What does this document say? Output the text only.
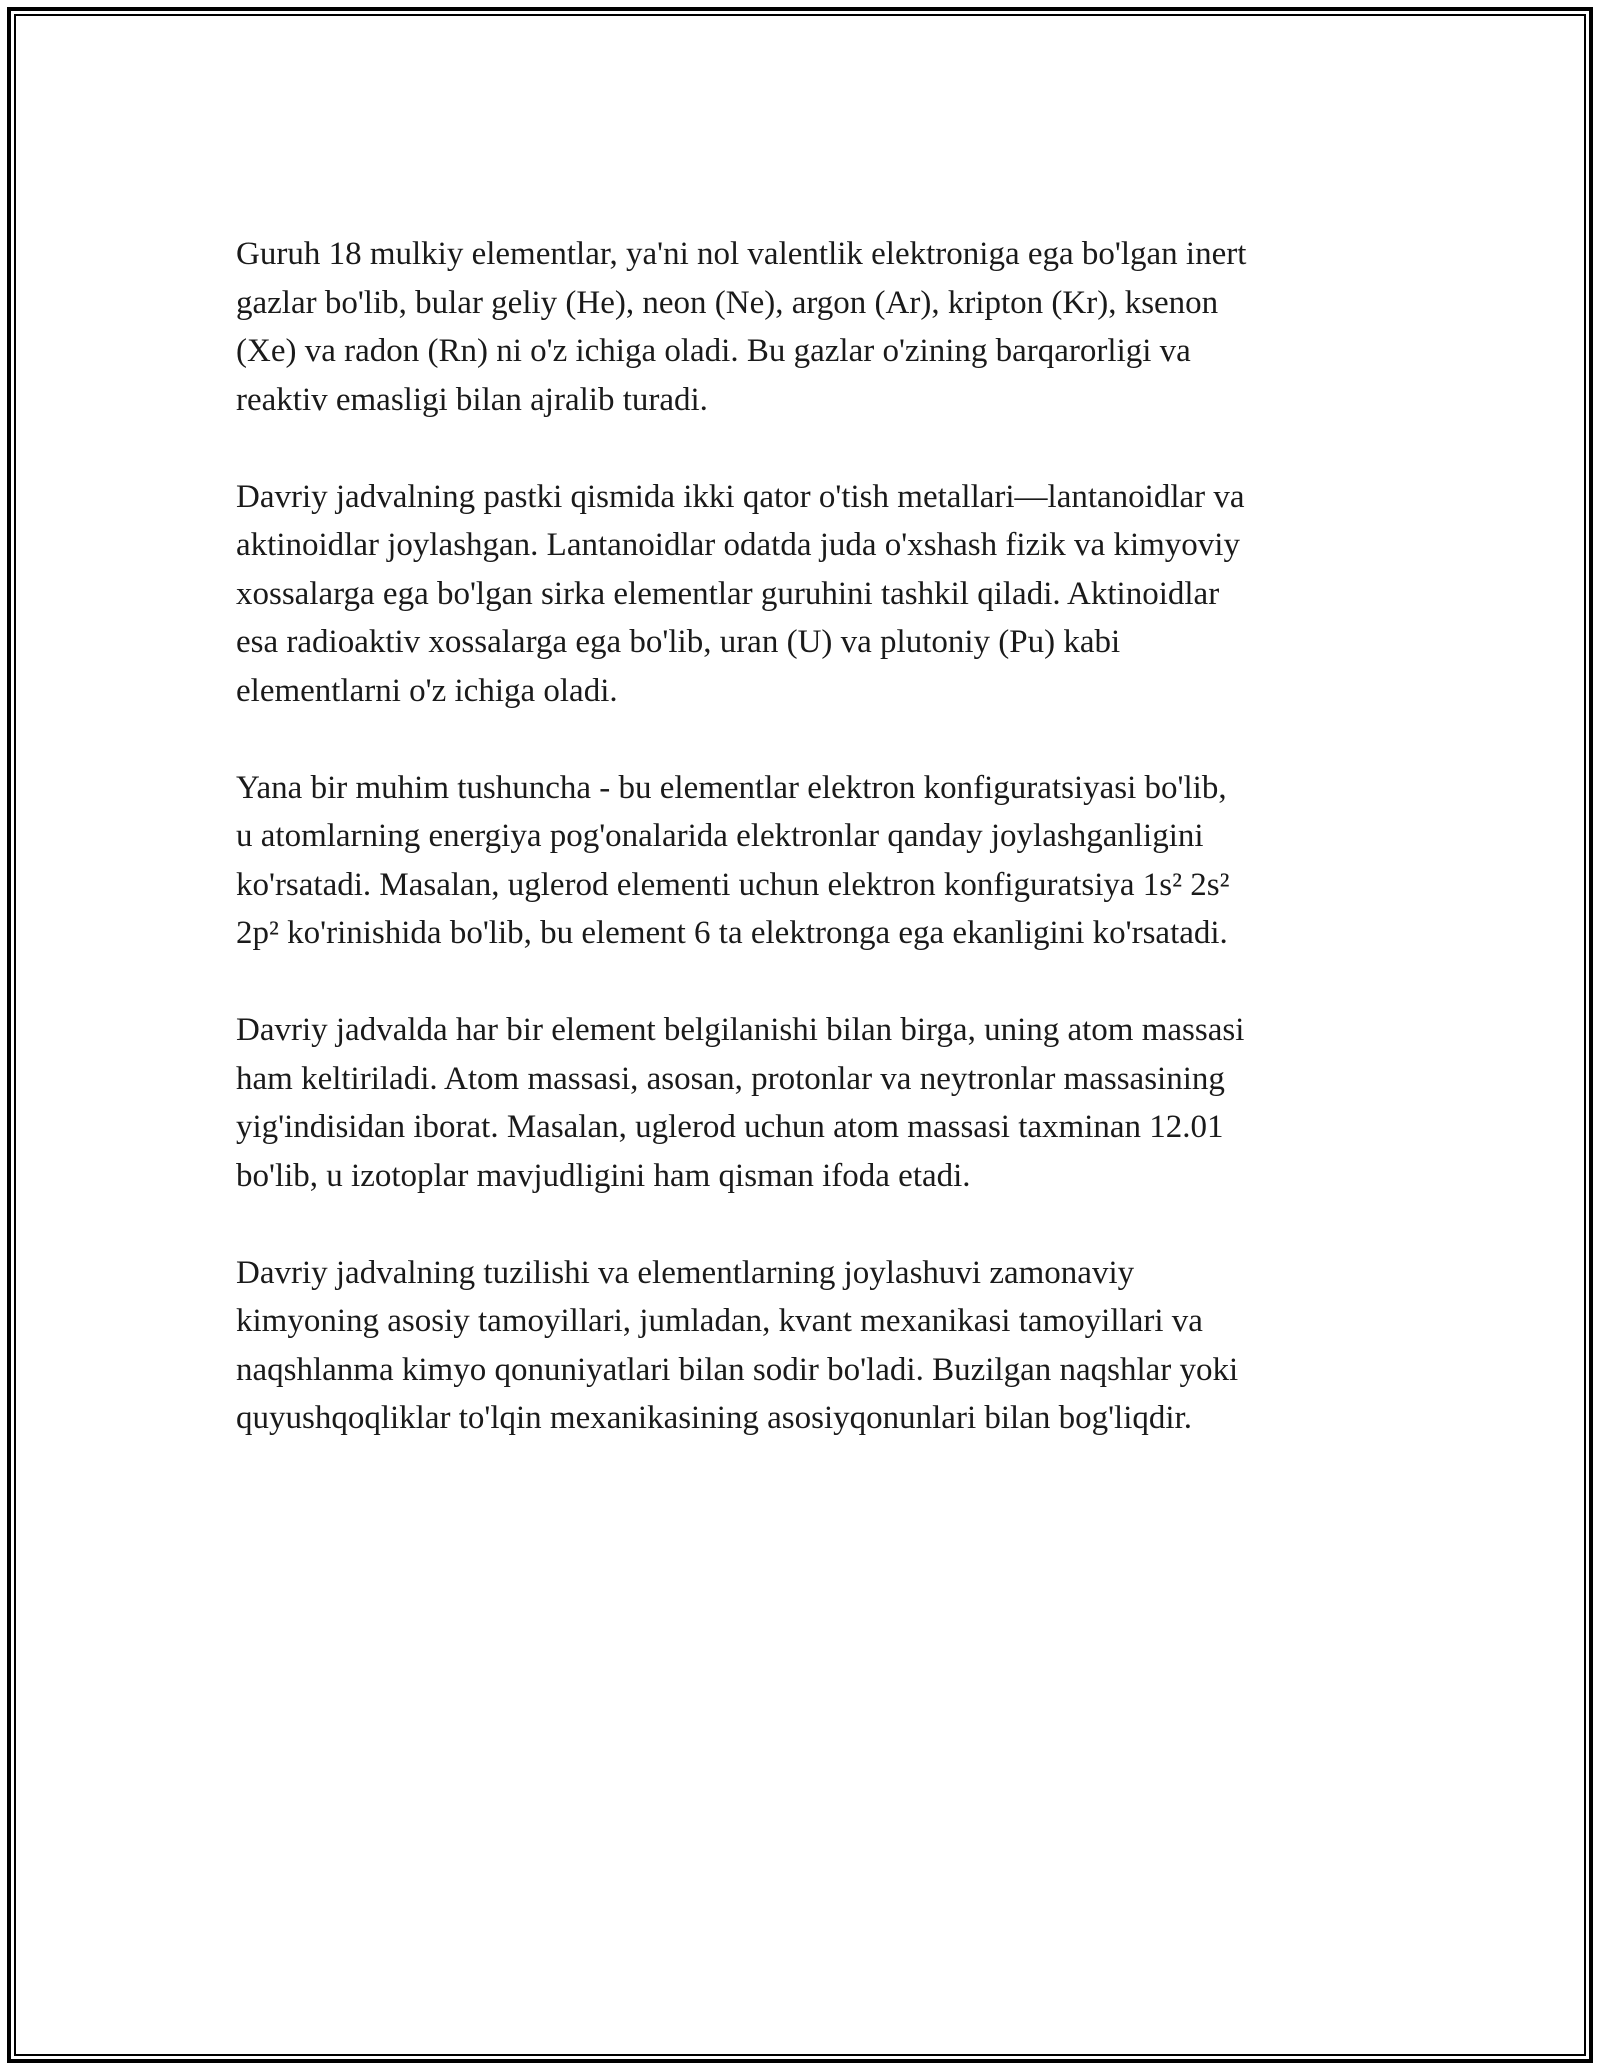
Guruh 18 mulkiy elementlar, ya'ni nol valentlik elektroniga ega bo'lgan inert
gazlar bo'lib, bular geliy (He), neon (Ne), argon (Ar), kripton (Kr), ksenon
(Xe) va radon (Rn) ni o'z ichiga oladi. Bu gazlar o'zining barqarorligi va
reaktiv emasligi bilan ajralib turadi.

Davriy jadvalning pastki qismida ikki qator o'tish metallari—lantanoidlar va
aktinoidlar joylashgan. Lantanoidlar odatda juda o'xshash fizik va kimyoviy
xossalarga ega bo'lgan sirka elementlar guruhini tashkil qiladi. Aktinoidlar
esa radioaktiv xossalarga ega bo'lib, uran (U) va plutoniy (Pu) kabi
elementlarni o'z ichiga oladi.

Yana bir muhim tushuncha - bu elementlar elektron konfiguratsiyasi bo'lib,
u atomlarning energiya pog'onalarida elektronlar qanday joylashganligini
ko'rsatadi. Masalan, uglerod elementi uchun elektron konfiguratsiya 1s² 2s²
2p² ko'rinishida bo'lib, bu element 6 ta elektronga ega ekanligini ko'rsatadi.

Davriy jadvalda har bir element belgilanishi bilan birga, uning atom massasi
ham keltiriladi. Atom massasi, asosan, protonlar va neytronlar massasining
yig'indisidan iborat. Masalan, uglerod uchun atom massasi taxminan 12.01
bo'lib, u izotoplar mavjudligini ham qisman ifoda etadi.

Davriy jadvalning tuzilishi va elementlarning joylashuvi zamonaviy
kimyoning asosiy tamoyillari, jumladan, kvant mexanikasi tamoyillari va
naqshlanma kimyo qonuniyatlari bilan sodir bo'ladi. Buzilgan naqshlar yoki
quyushqoqliklar to'lqin mexanikasining asosiyqonunlari bilan bog'liqdir.
